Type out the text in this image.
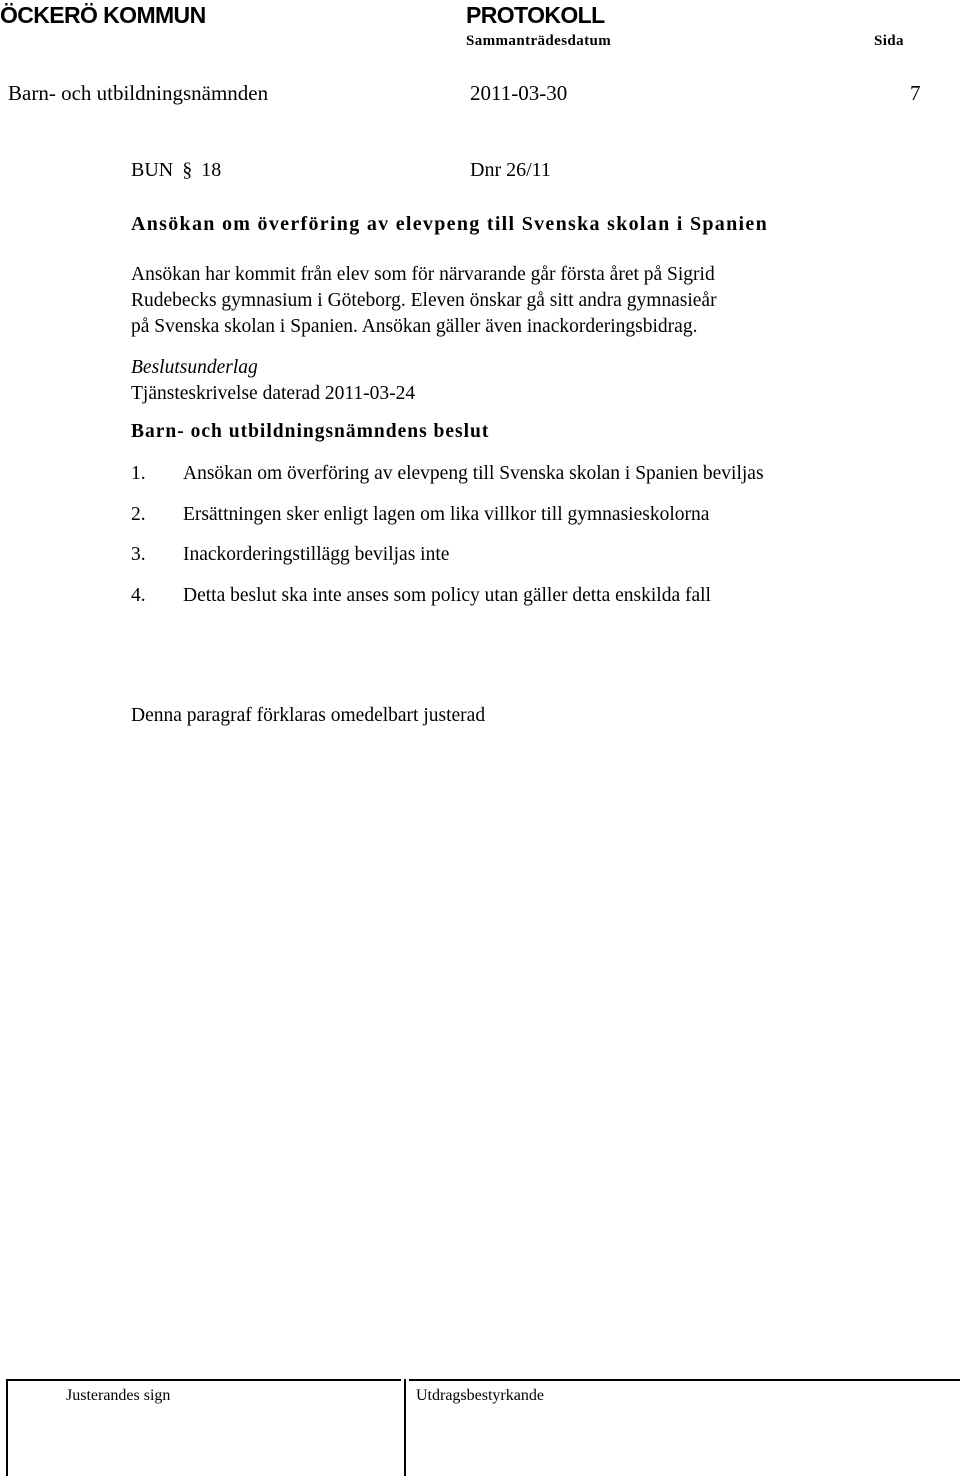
ÖCKERÖ KOMMUN	PROTOKOLL
Sammanträdesdatum	Sida
Barn- och utbildningsnämnden	2011-03-30	7
BUN § 18	Dnr 26/11
Ansökan om överföring av elevpeng till Svenska skolan i Spanien
Ansökan har kommit från elev som för närvarande går första året på Sigrid
Rudebecks gymnasium i Göteborg. Eleven önskar gå sitt andra gymnasieår
på Svenska skolan i Spanien. Ansökan gäller även inackorderingsbidrag.
Beslutsunderlag
Tjänsteskrivelse daterad 2011-03-24
Barn- och utbildningsnämndens beslut
1. Ansökan om överföring av elevpeng till Svenska skolan i Spanien beviljas
2. Ersättningen sker enligt lagen om lika villkor till gymnasieskolorna
3. Inackorderingstillägg beviljas inte
4. Detta beslut ska inte anses som policy utan gäller detta enskilda fall
Denna paragraf förklaras omedelbart justerad
Justerandes sign	Utdragsbestyrkande
